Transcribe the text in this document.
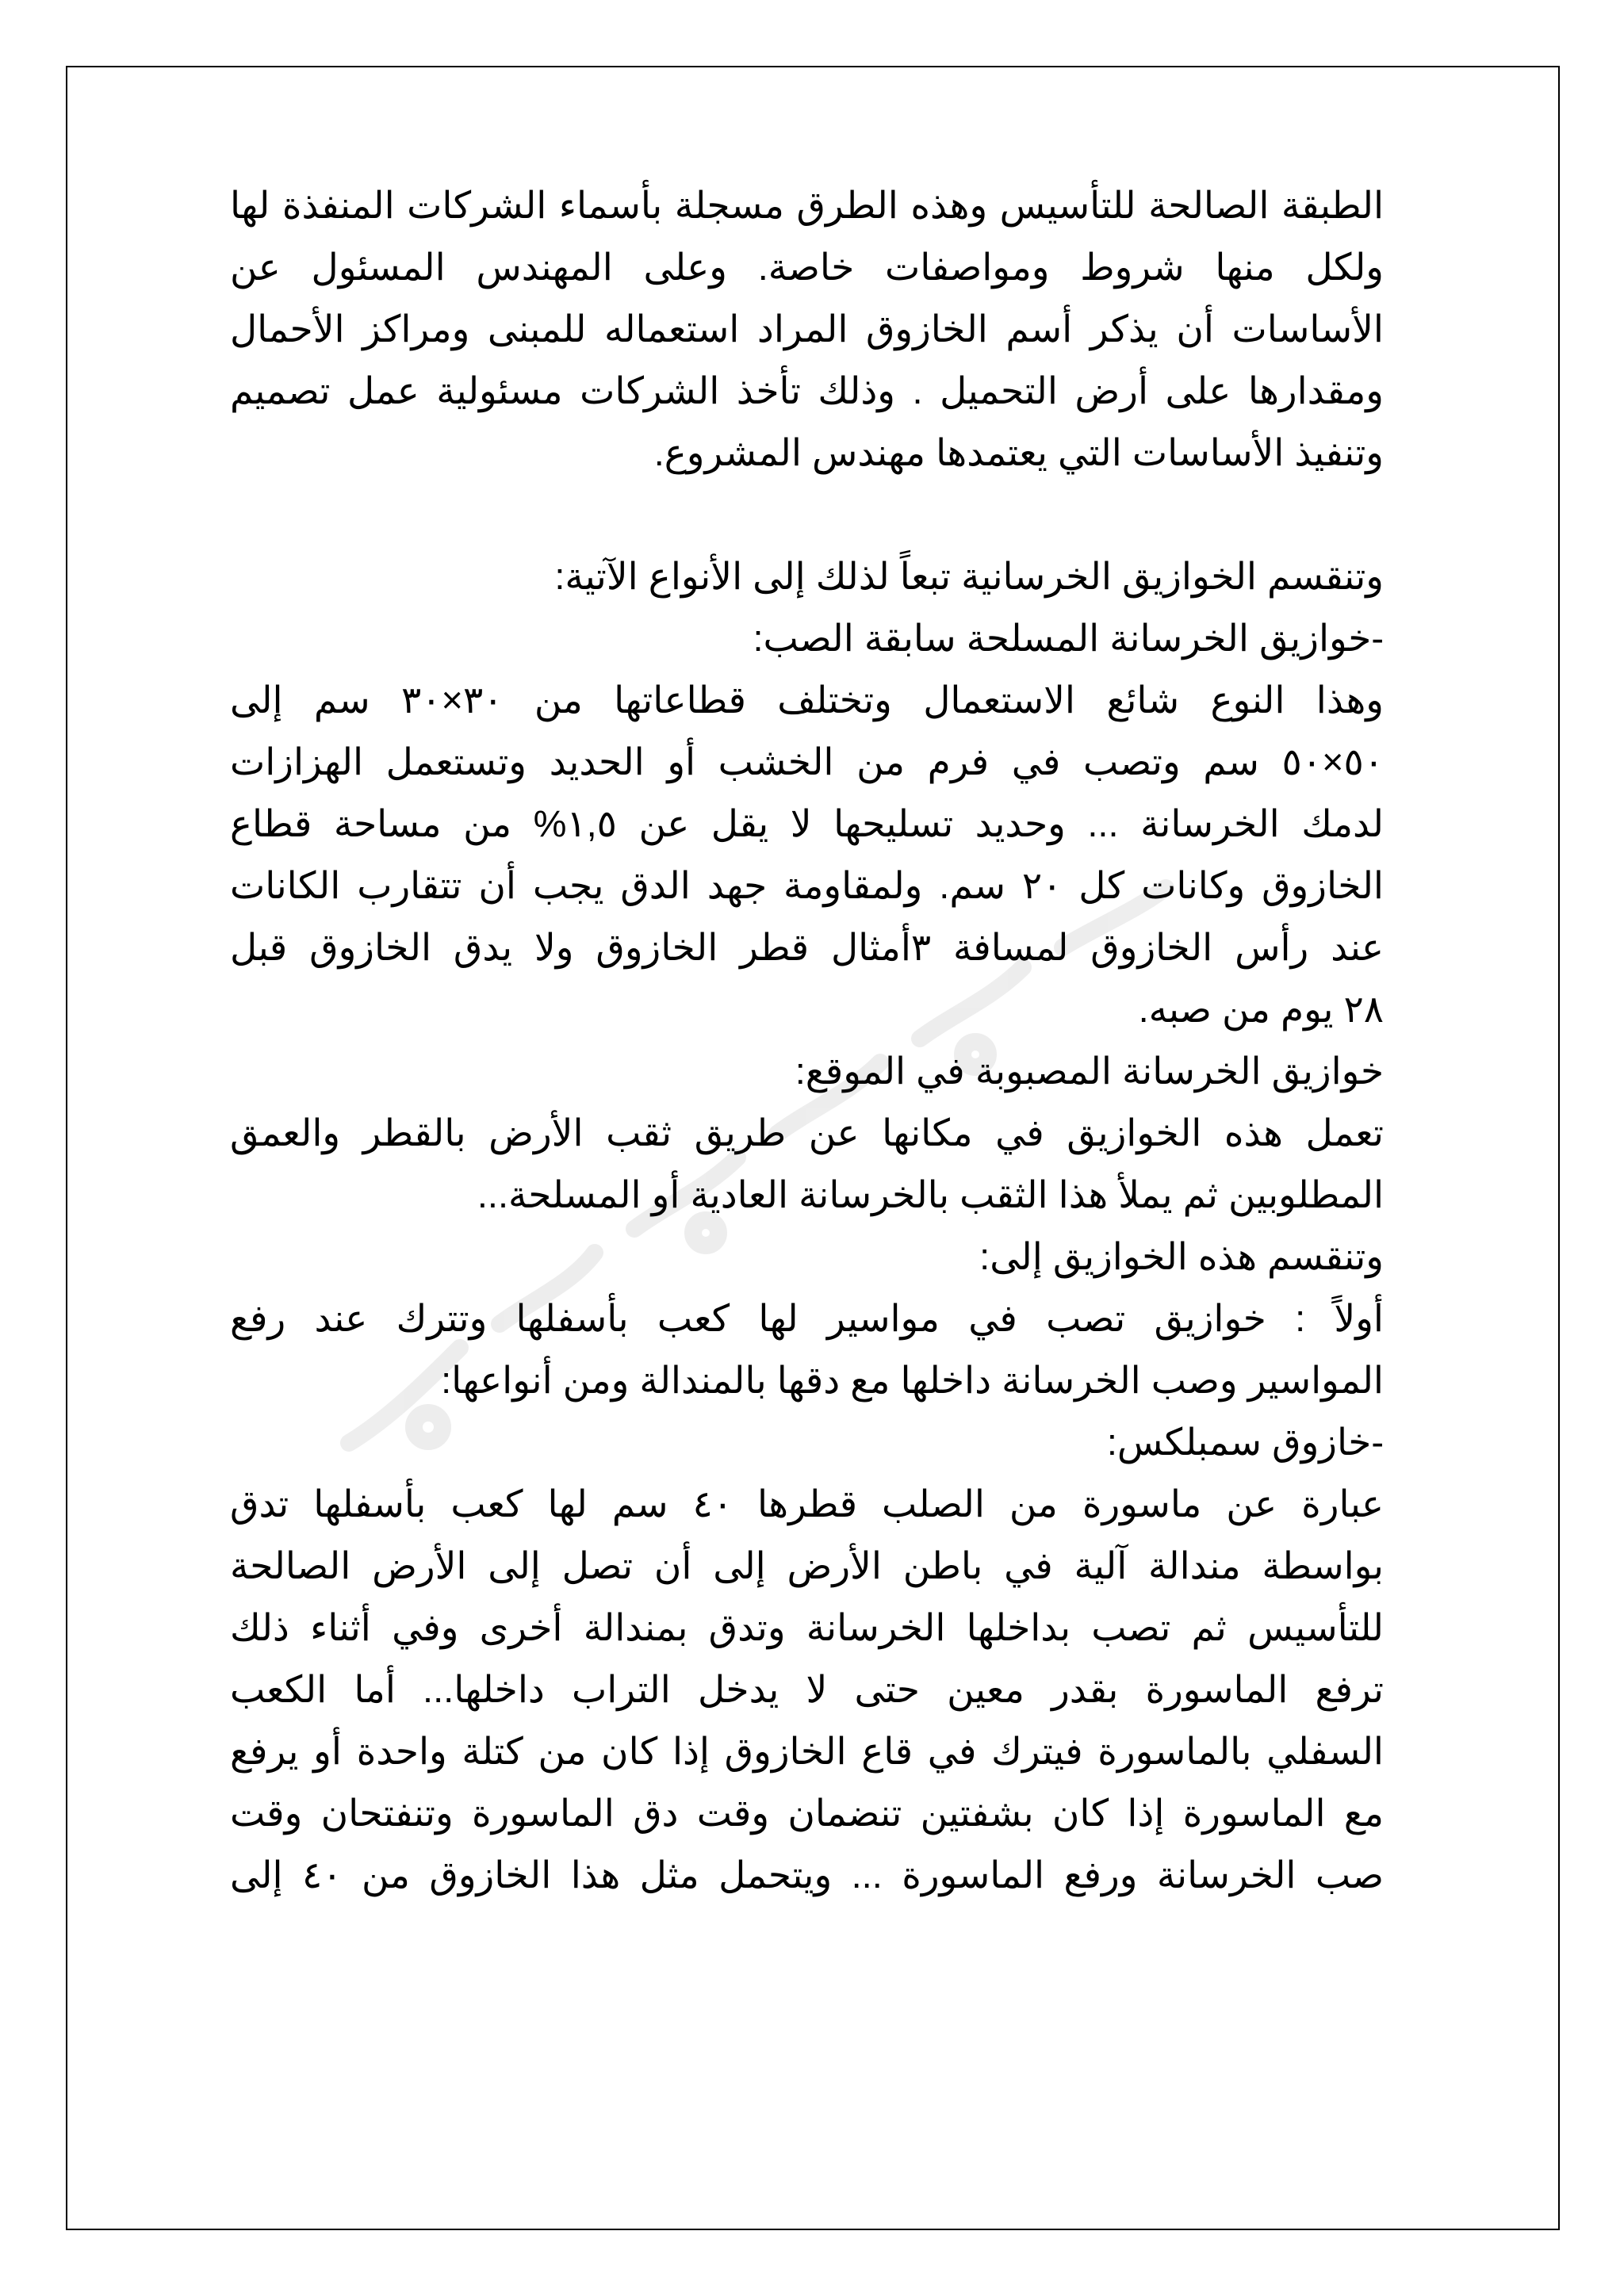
الطبقة الصالحة للتأسيس وهذه الطرق مسجلة بأسماء الشركات المنفذة لها
ولكل منها شروط ومواصفات خاصة. وعلى المهندس المسئول عن
الأساسات أن يذكر أسم الخازوق المراد استعماله للمبنى ومراكز الأحمال
ومقدارها على أرض التحميل . وذلك تأخذ الشركات مسئولية عمل تصميم
وتنفيذ الأساسات التي يعتمدها مهندس المشروع.
وتنقسم الخوازيق الخرسانية تبعاً لذلك إلى الأنواع الآتية:
-خوازيق الخرسانة المسلحة سابقة الصب:
وهذا النوع شائع الاستعمال وتختلف قطاعاتها من ٣٠×٣٠ سم إلى
٥٠×٥٠ سم وتصب في فرم من الخشب أو الحديد وتستعمل الهزازات
لدمك الخرسانة ... وحديد تسليحها لا يقل عن ١,٥% من مساحة قطاع
الخازوق وكانات كل ٢٠ سم. ولمقاومة جهد الدق يجب أن تتقارب الكانات
عند رأس الخازوق لمسافة ٣أمثال قطر الخازوق ولا يدق الخازوق قبل
٢٨ يوم من صبه.
خوازيق الخرسانة المصبوبة في الموقع:
تعمل هذه الخوازيق في مكانها عن طريق ثقب الأرض بالقطر والعمق
المطلوبين ثم يملأ هذا الثقب بالخرسانة العادية أو المسلحة...
وتنقسم هذه الخوازيق إلى:
أولاً : خوازيق تصب في مواسير لها كعب بأسفلها وتترك عند رفع
المواسير وصب الخرسانة داخلها مع دقها بالمندالة ومن أنواعها:
-خازوق سمبلكس:
عبارة عن ماسورة من الصلب قطرها ٤٠ سم لها كعب بأسفلها تدق
بواسطة مندالة آلية في باطن الأرض إلى أن تصل إلى الأرض الصالحة
للتأسيس ثم تصب بداخلها الخرسانة وتدق بمندالة أخرى وفي أثناء ذلك
ترفع الماسورة بقدر معين حتى لا يدخل التراب داخلها... أما الكعب
السفلي بالماسورة فيترك في قاع الخازوق إذا كان من كتلة واحدة أو يرفع
مع الماسورة إذا كان بشفتين تنضمان وقت دق الماسورة وتنفتحان وقت
صب الخرسانة ورفع الماسورة ... ويتحمل مثل هذا الخازوق من ٤٠ إلى
